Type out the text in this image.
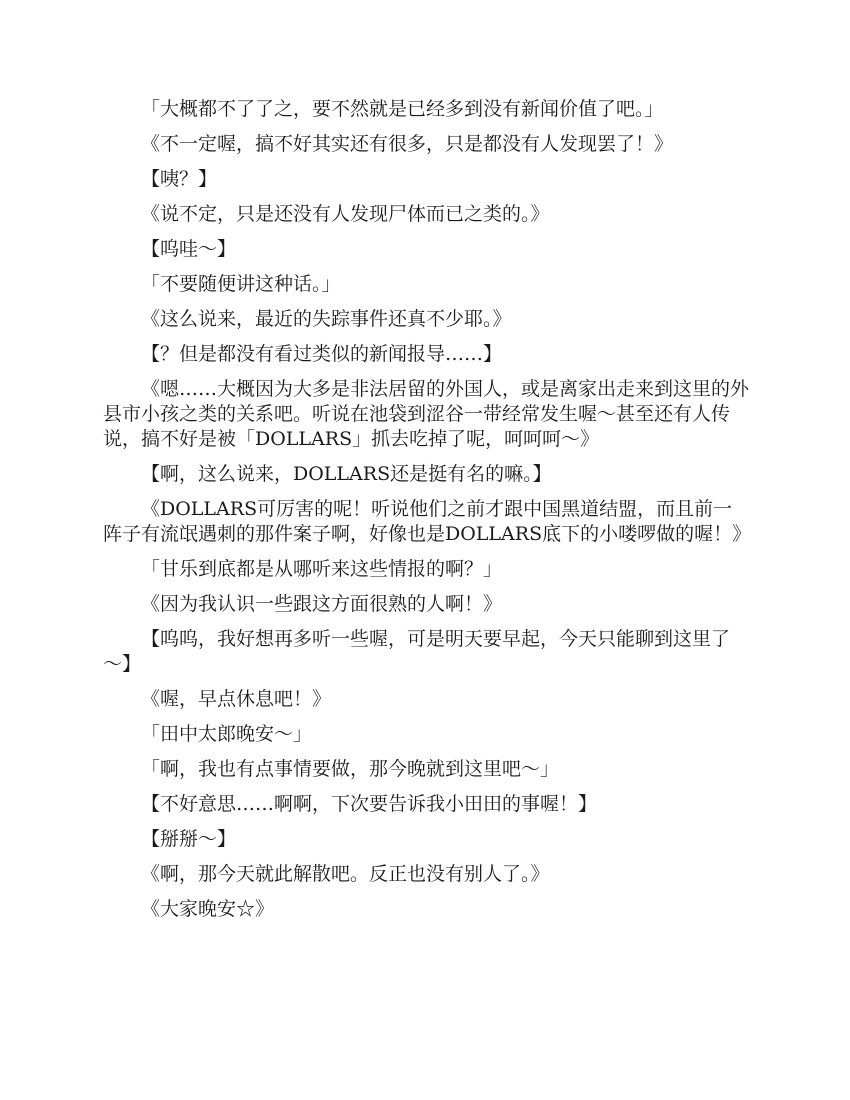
「大概都不了了之，要不然就是已经多到没有新闻价值了吧。」

《不一定喔，搞不好其实还有很多，只是都没有人发现罢了！》

【咦？】

《说不定，只是还没有人发现尸体而已之类的。》

【呜哇～】

「不要随便讲这种话。」

《这么说来，最近的失踪事件还真不少耶。》

【？但是都没有看过类似的新闻报导……】

《嗯……大概因为大多是非法居留的外国人，或是离家出走来到这里的外县市小孩之类的关系吧。听说在池袋到涩谷一带经常发生喔～甚至还有人传说，搞不好是被「DOLLARS」抓去吃掉了呢，呵呵呵～》

【啊，这么说来，DOLLARS还是挺有名的嘛。】

《DOLLARS可厉害的呢！听说他们之前才跟中国黑道结盟，而且前一阵子有流氓遇刺的那件案子啊，好像也是DOLLARS底下的小喽啰做的喔！》

「甘乐到底都是从哪听来这些情报的啊？」

《因为我认识一些跟这方面很熟的人啊！》

【呜呜，我好想再多听一些喔，可是明天要早起，今天只能聊到这里了～】

《喔，早点休息吧！》

「田中太郎晚安～」

「啊，我也有点事情要做，那今晚就到这里吧～」

【不好意思……啊啊，下次要告诉我小田田的事喔！】

【掰掰～】

《啊，那今天就此解散吧。反正也没有别人了。》

《大家晚安☆》
